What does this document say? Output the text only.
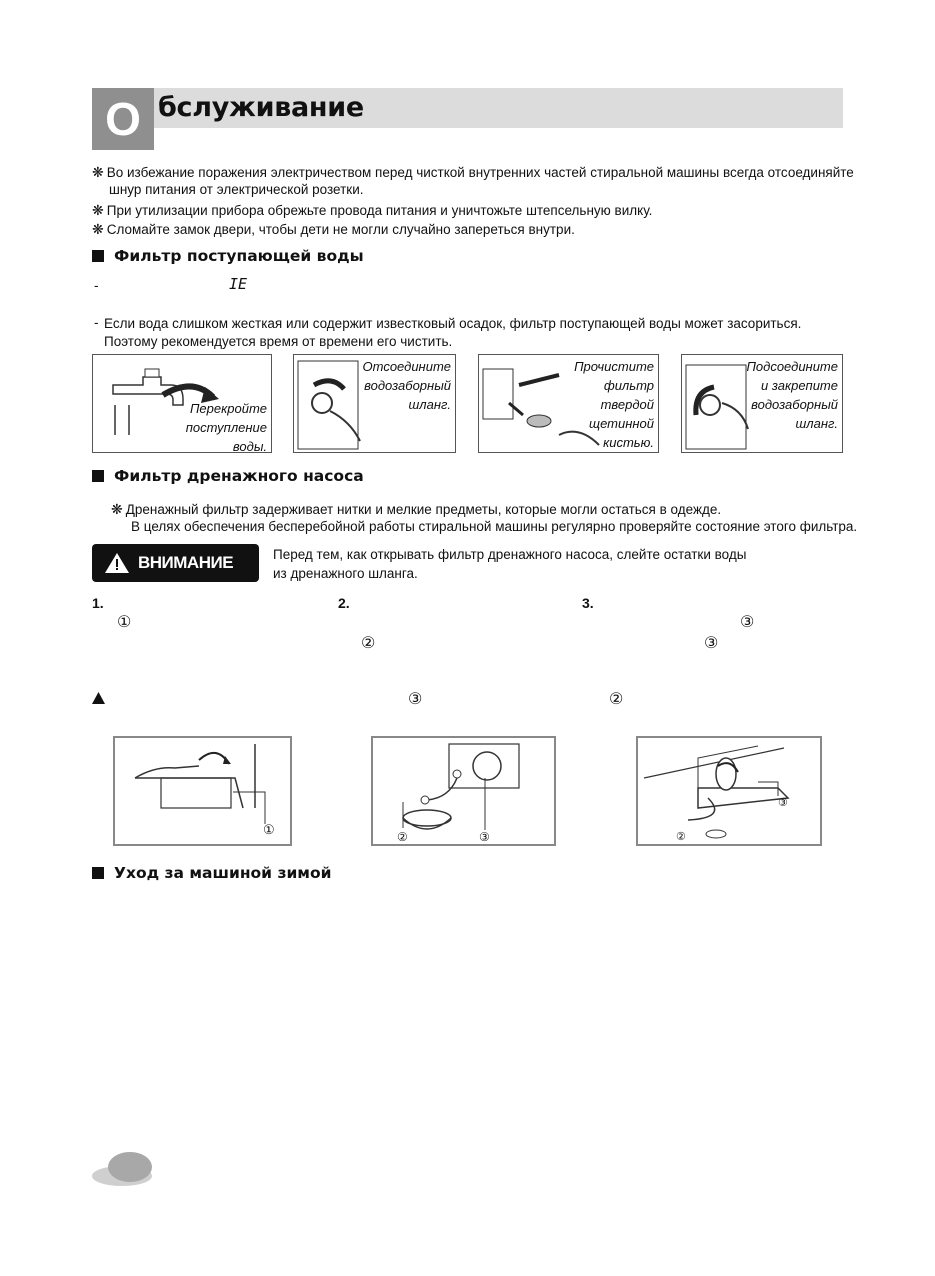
О бслуживание
❋ Во избежание поражения электричеством перед чисткой внутренних частей стиральной машины всегда отсоединяйте
шнур питания от электрической розетки.
❋ При утилизации прибора обрежьте провода питания и уничтожьте штепсельную вилку.
❋ Сломайте замок двери, чтобы дети не могли случайно запереться внутри.
Фильтр поступающей воды
-	IE
- Если вода слишком жесткая или содержит известковый осадок, фильтр поступающей воды может засориться.
Поэтому рекомендуется время от времени его чистить.
Перекройте
поступление
воды.
Отсоедините
водозаборный
шланг.
Прочистите
фильтр
твердой
щетинной
кистью.
Подсоедините
и закрепите
водозаборный
шланг.
Фильтр дренажного насоса
❋ Дренажный фильтр задерживает нитки и мелкие предметы, которые могли остаться в одежде.
В целях обеспечения бесперебойной работы стиральной машины регулярно проверяйте состояние этого фильтра.
ВНИМАНИЕ	Перед тем, как открывать фильтр дренажного насоса, слейте остатки воды
из дренажного шланга.
1.	2.	3.
①
②
③
③
③	②
①	②	③
③
②
Уход за машиной зимой
